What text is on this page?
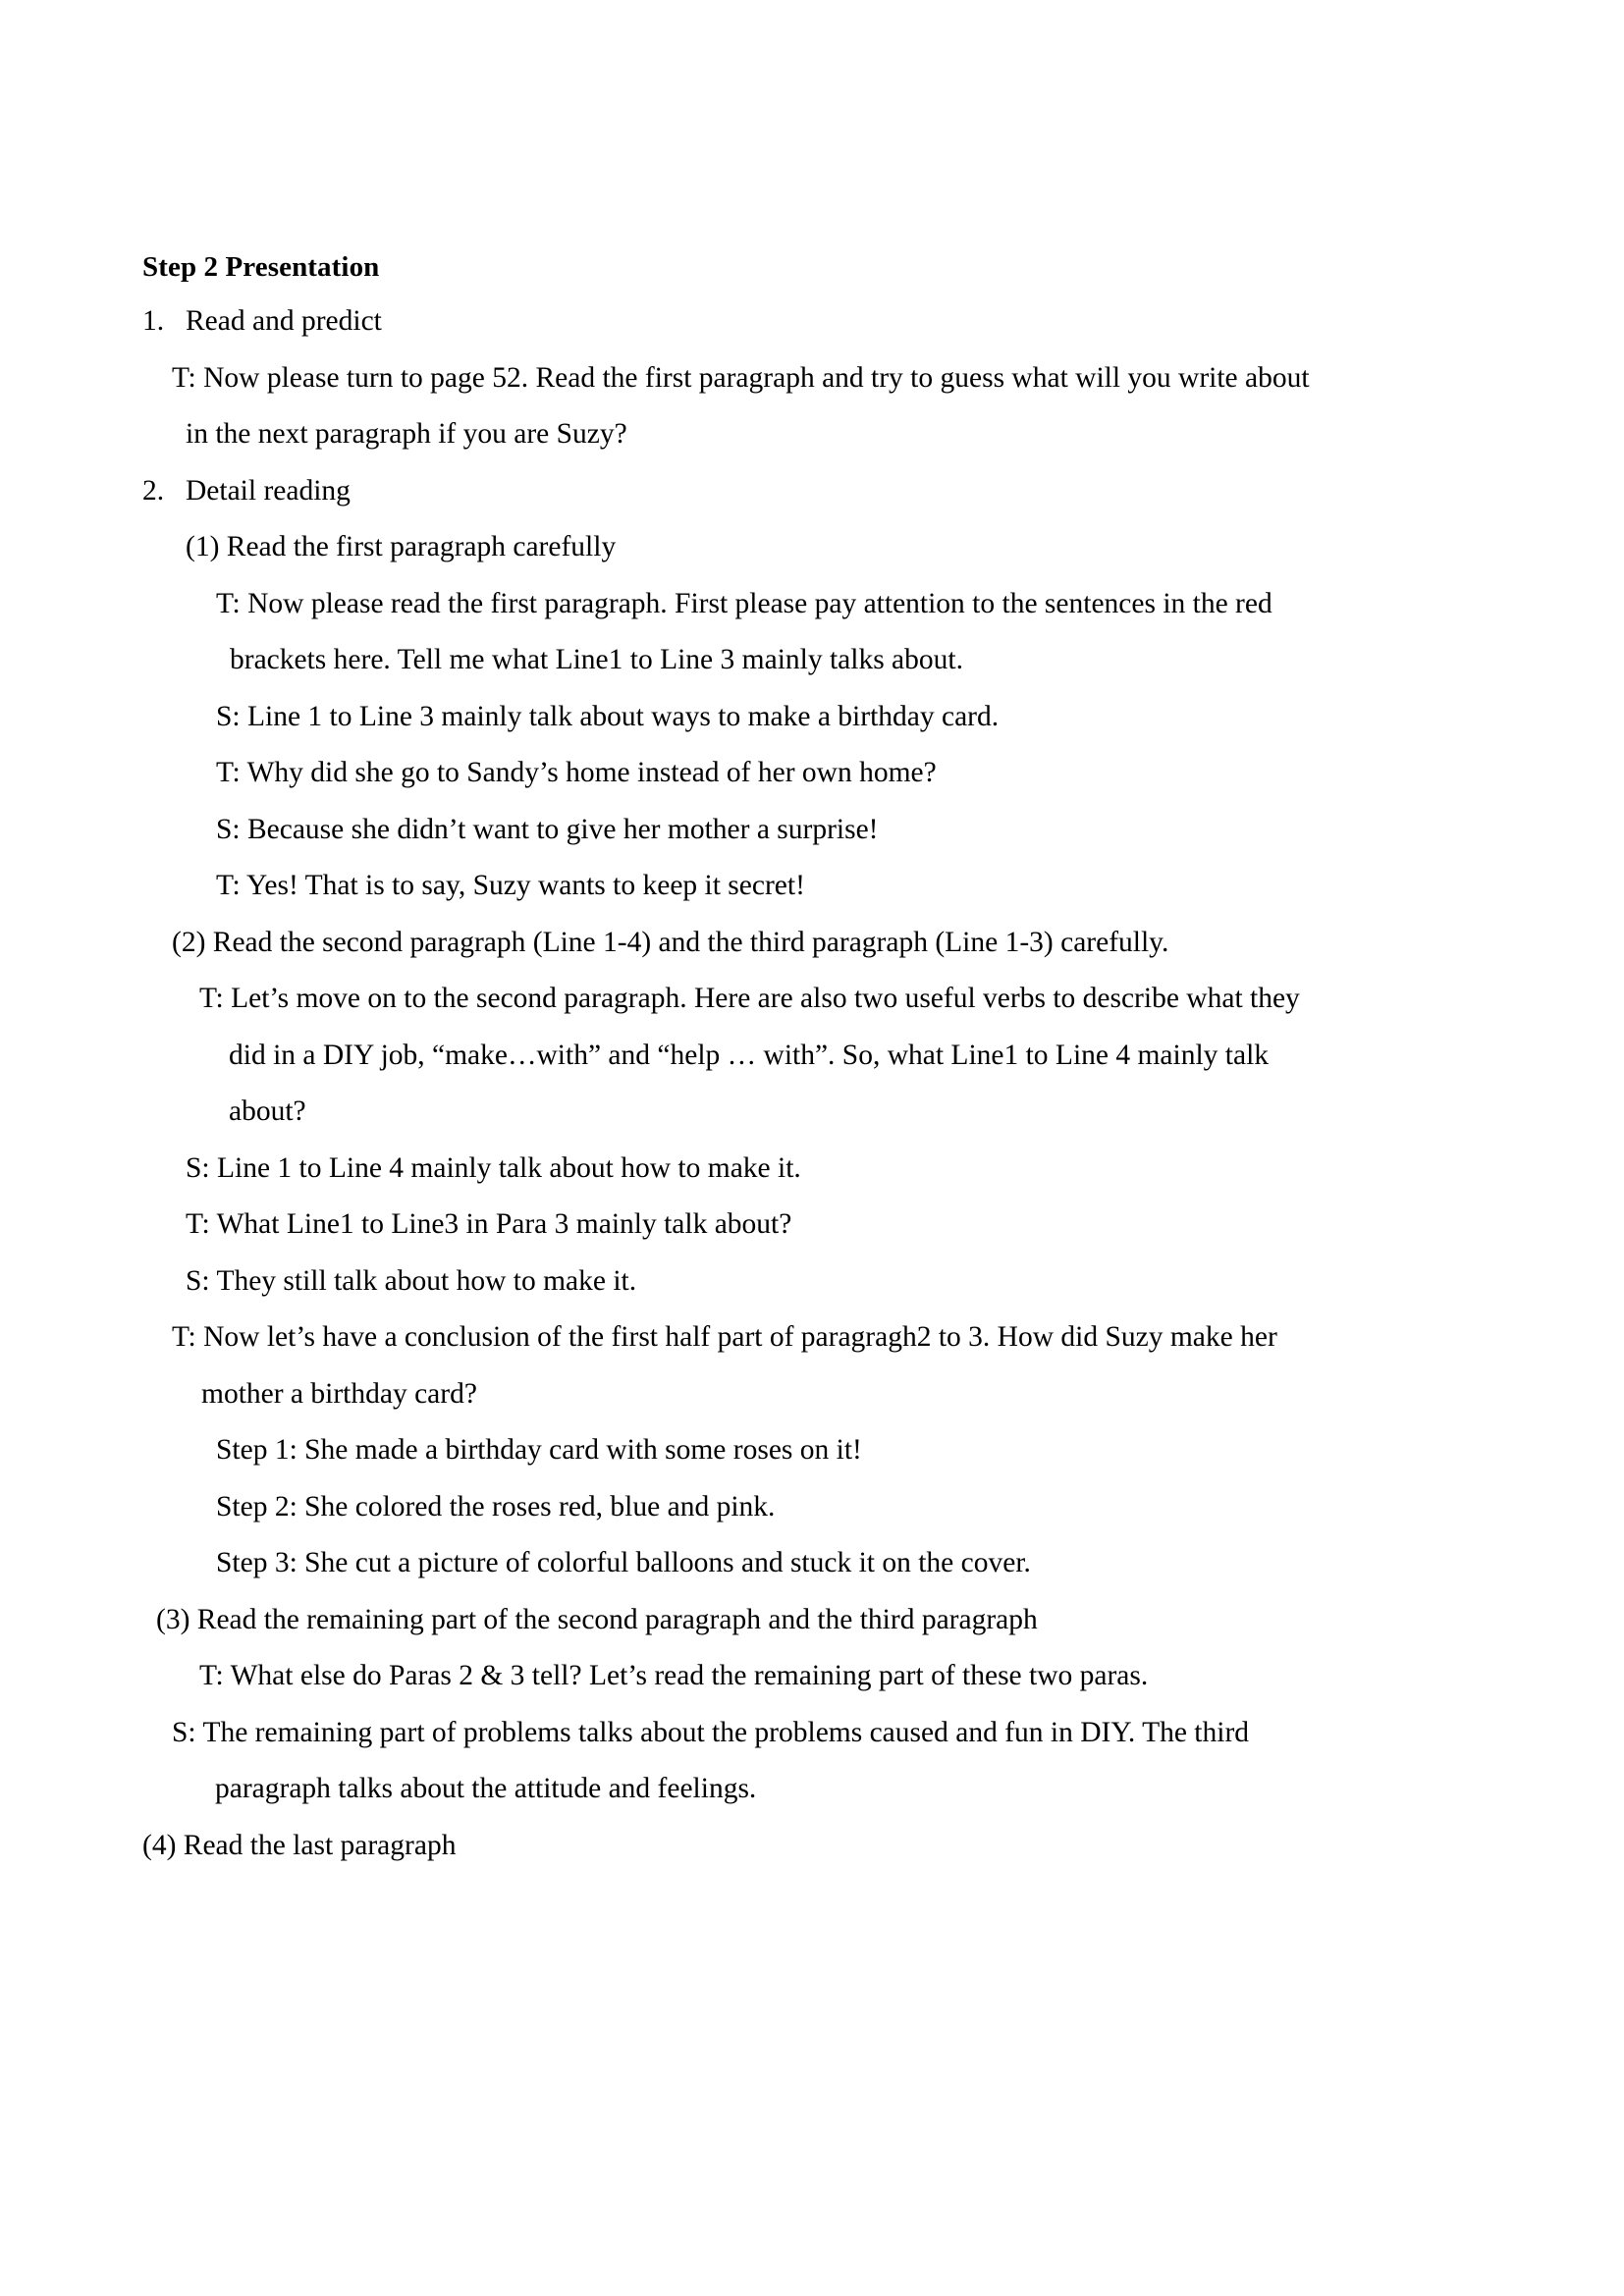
Step 2 Presentation

1. Read and predict

T: Now please turn to page 52. Read the first paragraph and try to guess what will you write about
in the next paragraph if you are Suzy?

2. Detail reading

(1) Read the first paragraph carefully

T: Now please read the first paragraph. First please pay attention to the sentences in the red
brackets here. Tell me what Line1 to Line 3 mainly talks about.

S: Line 1 to Line 3 mainly talk about ways to make a birthday card.

T: Why did she go to Sandy’s home instead of her own home?

S: Because she didn’t want to give her mother a surprise!

T: Yes! That is to say, Suzy wants to keep it secret!

(2) Read the second paragraph (Line 1-4) and the third paragraph (Line 1-3) carefully.

T: Let’s move on to the second paragraph. Here are also two useful verbs to describe what they
did in a DIY job, “make…with” and “help … with”. So, what Line1 to Line 4 mainly talk
about?

S: Line 1 to Line 4 mainly talk about how to make it.

T: What Line1 to Line3 in Para 3 mainly talk about?

S: They still talk about how to make it.

T: Now let’s have a conclusion of the first half part of paragragh2 to 3. How did Suzy make her
mother a birthday card?

Step 1: She made a birthday card with some roses on it!

Step 2: She colored the roses red, blue and pink.

Step 3: She cut a picture of colorful balloons and stuck it on the cover.

(3) Read the remaining part of the second paragraph and the third paragraph

T: What else do Paras 2 & 3 tell? Let’s read the remaining part of these two paras.

S: The remaining part of problems talks about the problems caused and fun in DIY. The third
paragraph talks about the attitude and feelings.

(4) Read the last paragraph
